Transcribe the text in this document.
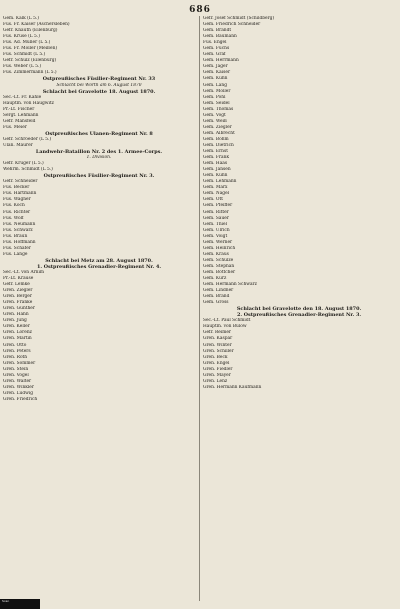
686
Gem. Kalk (L 5.)
Füs. Fr. Kaiser (Aschersleben)
Gefr. Knauth (Eilenburg)
Füs. Kruse (L 5.)
Füs. Ad. Müller (L 5.)
Füs. Fr. Möller (Meißen)
Füs. Schmidt (L 5.)
Gefr. Schulz (Eilenburg)
Füs. Weber (L 5.)
Füs. Zimmermann (L 5.)
Ostpreußisches Füsilier-Regiment Nr. 33
Schlacht bei Wörth am 6. August 1870
Schlacht bei Gravelotte 18. August 1870.
Sec.-Lt. Fr. Kahle
Hauptm. von Haugwitz
Pr.-Lt. Fischer
Sergt. Lehmann
Gefr. Mansfeld
Füs. Meier
Ostpreußisches Ulanen-Regiment Nr. 8
Gefr. Schroeder (L 5.)
Ulan. Maurer
Landwehr-Bataillon Nr. 2 des 1. Armee-Corps.
1. Division.
Gefr. Krüger (L 5.)
Wehrm. Schmidt (L 5.)
Ostpreußisches Füsilier-Regiment Nr. 3.
Gefr. Schneider
Füs. Becker
Füs. Hartmann
Füs. Wagner
Füs. Koch
Füs. Richter
Füs. Wolf
Füs. Neumann
Füs. Schwarz
Füs. Braun
Füs. Hoffmann
Füs. Schäfer
Füs. Lange
Schlacht bei Metz am 28. August 1870.
1. Ostpreußisches Grenadier-Regiment Nr. 4.
Sec.-Lt. von Arnim
Pr.-Lt. Krause
Gefr. Lemke
Gren. Ziegler
Gren. Berger
Gren. Franke
Gren. Günther
Gren. Hahn
Gren. Jung
Gren. Keller
Gren. Lorenz
Gren. Martin
Gren. Otto
Gren. Peters
Gren. Roth
Gren. Sommer
Gren. Stein
Gren. Vogel
Gren. Walter
Gren. Winkler
Gren. Ludwig
Gren. Friedrich
Gefr. Josef Schmidt (Schildberg)
Gem. Friedrich Schneider
Gem. Brandt
Gem. Baumann
Füs. Engel
Gem. Fuchs
Gem. Graf
Gem. Herrmann
Gem. Jäger
Gem. Kaiser
Gem. Kühn
Gem. Lang
Gem. Möller
Gem. Pohl
Gem. Seidel
Gem. Thomas
Gem. Vogt
Gem. Weiß
Gem. Ziegler
Gem. Albrecht
Gem. Böhm
Gem. Dietrich
Gem. Ernst
Gem. Frank
Gem. Haas
Gem. Jansen
Gem. Kuhn
Gem. Lehmann
Gem. Marx
Gem. Nagel
Gem. Ott
Gem. Pfeiffer
Gem. Ritter
Gem. Sauer
Gem. Thiel
Gem. Ulrich
Gem. Voigt
Gem. Werner
Gem. Heinrich
Gem. Kraus
Gem. Schulze
Gem. Stephan
Gem. Böttcher
Gem. Kurz
Gem. Hermann Schwarz
Gem. Lindner
Gem. Brand
Gem. Gross
Schlacht bei Gravelotte den 18. August 1870.
2. Ostpreußisches Grenadier-Regiment Nr. 3.
Sec.-Lt. Paul Schmidt
Hauptm. von Bülow
Gefr. Reimer
Gren. Kaspar
Gren. Winter
Gren. Schiller
Gren. Beck
Gren. Engel
Gren. Fiedler
Gren. Mayer
Gren. Lenz
Gren. Hermann Kaufmann
Scan
